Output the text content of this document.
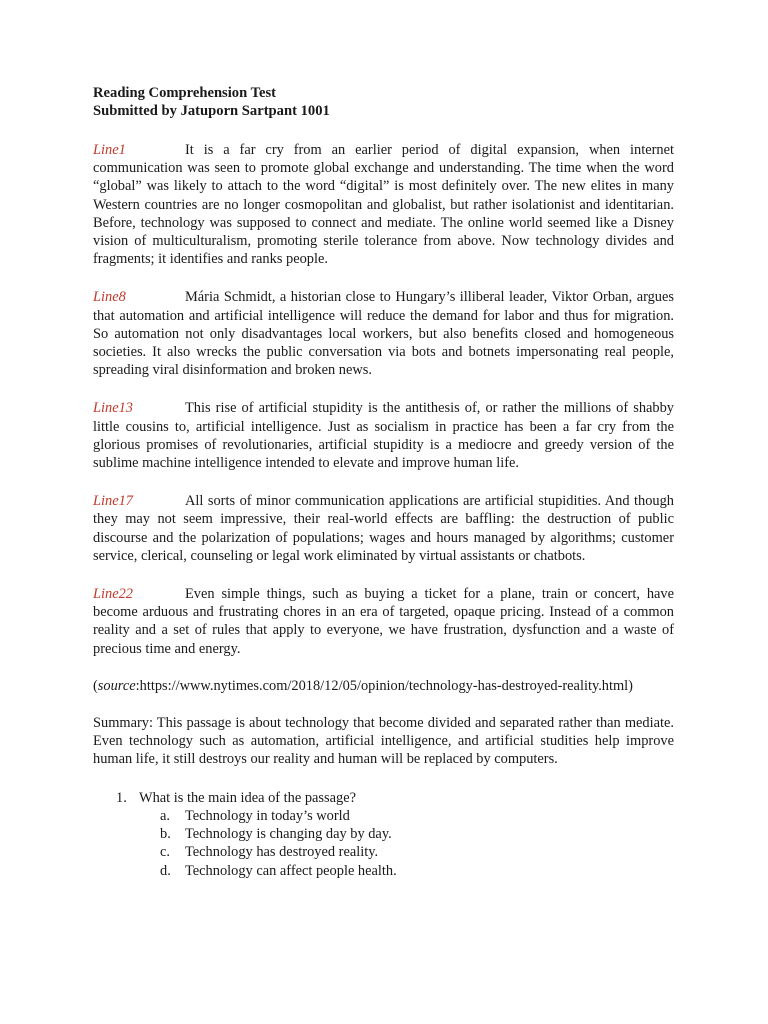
Reading Comprehension Test
Submitted by Jatuporn Sartpant 1001

Line1	It is a far cry from an earlier period of digital expansion, when internet communication was seen to promote global exchange and understanding. The time when the word “global” was likely to attach to the word “digital” is most definitely over. The new elites in many Western countries are no longer cosmopolitan and globalist, but rather isolationist and identitarian. Before, technology was supposed to connect and mediate. The online world seemed like a Disney vision of multiculturalism, promoting sterile tolerance from above. Now technology divides and fragments; it identifies and ranks people.

Line8	Mária Schmidt, a historian close to Hungary’s illiberal leader, Viktor Orban, argues that automation and artificial intelligence will reduce the demand for labor and thus for migration. So automation not only disadvantages local workers, but also benefits closed and homogeneous societies. It also wrecks the public conversation via bots and botnets impersonating real people, spreading viral disinformation and broken news.

Line13	This rise of artificial stupidity is the antithesis of, or rather the millions of shabby little cousins to, artificial intelligence. Just as socialism in practice has been a far cry from the glorious promises of revolutionaries, artificial stupidity is a mediocre and greedy version of the sublime machine intelligence intended to elevate and improve human life.

Line17	All sorts of minor communication applications are artificial stupidities. And though they may not seem impressive, their real-world effects are baffling: the destruction of public discourse and the polarization of populations; wages and hours managed by algorithms; customer service, clerical, counseling or legal work eliminated by virtual assistants or chatbots.

Line22	Even simple things, such as buying a ticket for a plane, train or concert, have become arduous and frustrating chores in an era of targeted, opaque pricing. Instead of a common reality and a set of rules that apply to everyone, we have frustration, dysfunction and a waste of precious time and energy.

(source:https://www.nytimes.com/2018/12/05/opinion/technology-has-destroyed-reality.html)

Summary: This passage is about technology that become divided and separated rather than mediate. Even technology such as automation, artificial intelligence, and artificial studities help improve human life, it still destroys our reality and human will be replaced by computers.

1. What is the main idea of the passage?
a. Technology in today’s world
b. Technology is changing day by day.
c. Technology has destroyed reality.
d. Technology can affect people health.
